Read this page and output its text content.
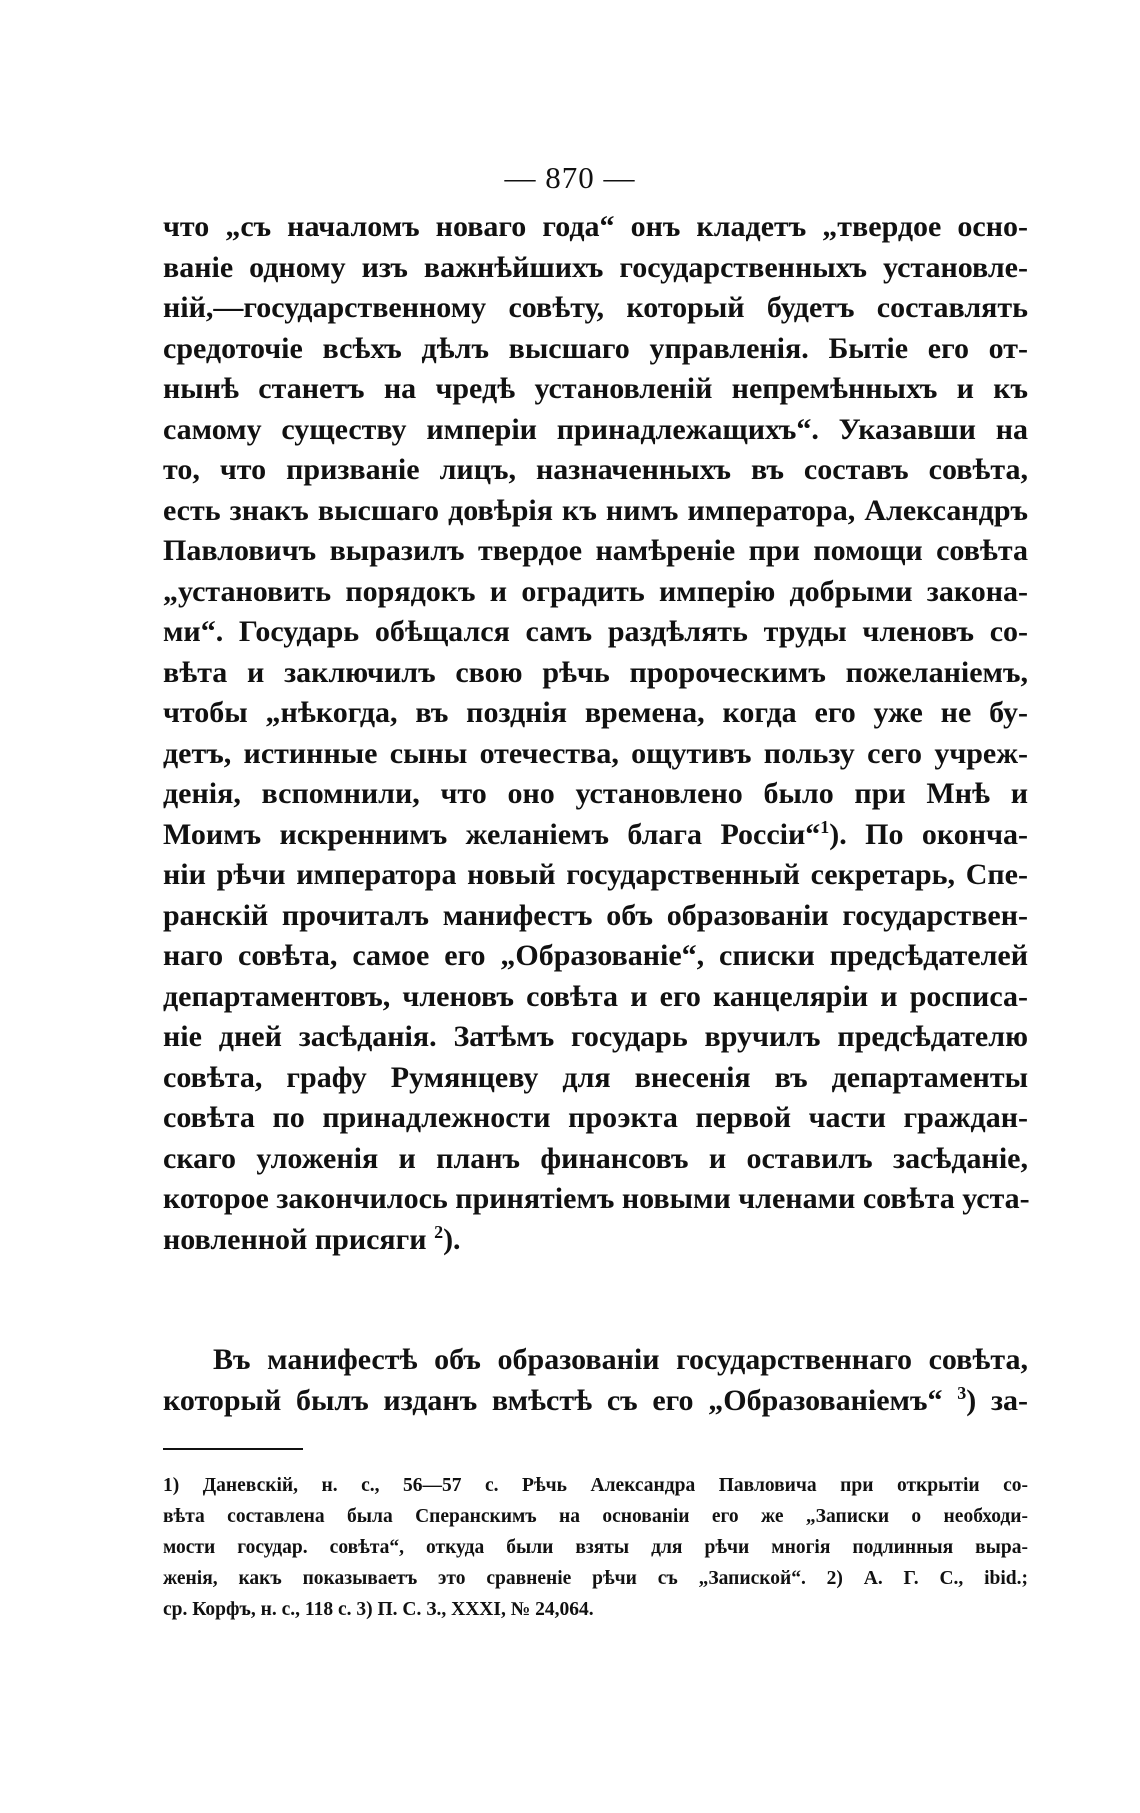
— 870 —
что „съ началомъ новаго года“ онъ кладетъ „твердое осно-
ваніе одному изъ важнѣйшихъ государственныхъ установле-
ній,—государственному совѣту, который будетъ составлять
средоточіе всѣхъ дѣлъ высшаго управленія. Бытіе его от-
нынѣ станетъ на чредѣ установленій непремѣнныхъ и къ
самому существу имперіи принадлежащихъ“. Указавши на
то, что призваніе лицъ, назначенныхъ въ составъ совѣта,
есть знакъ высшаго довѣрія къ нимъ императора, Александръ
Павловичъ выразилъ твердое намѣреніе при помощи совѣта
„установить порядокъ и оградить имперію добрыми закона-
ми“. Государь обѣщался самъ раздѣлять труды членовъ со-
вѣта и заключилъ свою рѣчь пророческимъ пожеланіемъ,
чтобы „нѣкогда, въ позднія времена, когда его уже не бу-
детъ, истинные сыны отечества, ощутивъ пользу сего учреж-
денія, вспомнили, что оно установлено было при Мнѣ и
Моимъ искреннимъ желаніемъ блага Россіи“$^1$). По оконча-
ніи рѣчи императора новый государственный секретарь, Спе-
ранскій прочиталъ манифестъ объ образованіи государствен-
наго совѣта, самое его „Образованіе“, списки предсѣдателей
департаментовъ, членовъ совѣта и его канцеляріи и росписа-
ніе дней засѣданія. Затѣмъ государь вручилъ предсѣдателю
совѣта, графу Румянцеву для внесенія въ департаменты
совѣта по принадлежности проэкта первой части граждан-
скаго уложенія и планъ финансовъ и оставилъ засѣданіе,
которое закончилось принятіемъ новыми членами совѣта уста-
новленной присяги $^2$).
Въ манифестѣ объ образованіи государственнаго совѣта,
который былъ изданъ вмѣстѣ съ его „Образованіемъ“ $^3$) за-
1) Даневскій, н. с., 56—57 с. Рѣчь Александра Павловича при открытіи со-
вѣта составлена была Сперанскимъ на основаніи его же „Записки о необходи-
мости государ. совѣта“, откуда были взяты для рѣчи многія подлинныя выра-
женія, какъ показываетъ это сравненіе рѣчи съ „Запиской“. 2) А. Г. С., ibid.;
ср. Корфъ, н. с., 118 с. 3) П. С. З., XXXI, № 24,064.
